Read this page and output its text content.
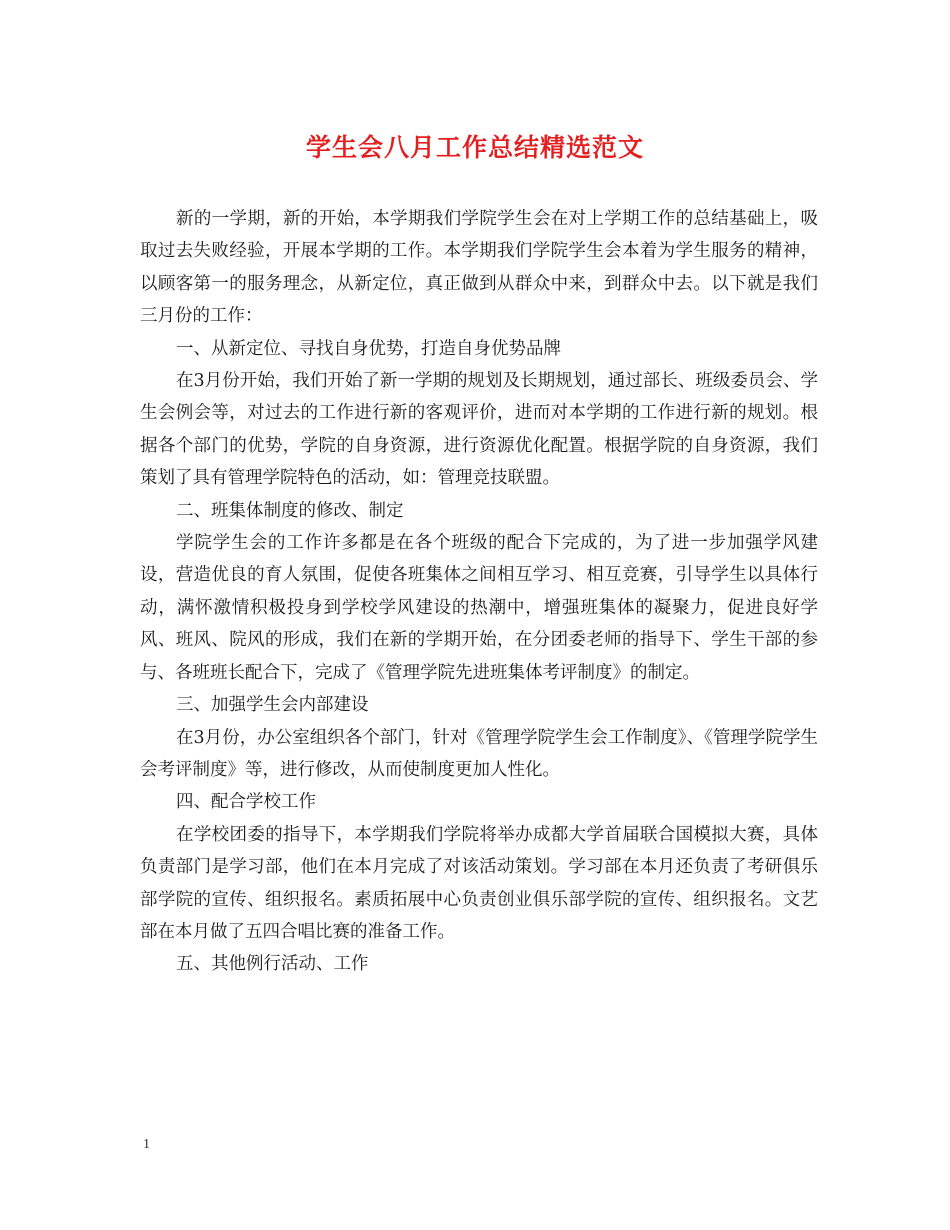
学生会八月工作总结精选范文

新的一学期，新的开始，本学期我们学院学生会在对上学期工作的总结基础上，吸取过去失败经验，开展本学期的工作。本学期我们学院学生会本着为学生服务的精神，以顾客第一的服务理念，从新定位，真正做到从群众中来，到群众中去。以下就是我们三月份的工作：

一、从新定位、寻找自身优势，打造自身优势品牌

在3月份开始，我们开始了新一学期的规划及长期规划，通过部长、班级委员会、学生会例会等，对过去的工作进行新的客观评价，进而对本学期的工作进行新的规划。根据各个部门的优势，学院的自身资源，进行资源优化配置。根据学院的自身资源，我们策划了具有管理学院特色的活动，如：管理竞技联盟。

二、班集体制度的修改、制定

学院学生会的工作许多都是在各个班级的配合下完成的，为了进一步加强学风建设，营造优良的育人氛围，促使各班集体之间相互学习、相互竞赛，引导学生以具体行动，满怀激情积极投身到学校学风建设的热潮中，增强班集体的凝聚力，促进良好学风、班风、院风的形成，我们在新的学期开始，在分团委老师的指导下、学生干部的参与、各班班长配合下，完成了《管理学院先进班集体考评制度》的制定。

三、加强学生会内部建设

在3月份，办公室组织各个部门，针对《管理学院学生会工作制度》、《管理学院学生会考评制度》等，进行修改，从而使制度更加人性化。

四、配合学校工作

在学校团委的指导下，本学期我们学院将举办成都大学首届联合国模拟大赛，具体负责部门是学习部，他们在本月完成了对该活动策划。学习部在本月还负责了考研俱乐部学院的宣传、组织报名。素质拓展中心负责创业俱乐部学院的宣传、组织报名。文艺部在本月做了五四合唱比赛的准备工作。

五、其他例行活动、工作

1
